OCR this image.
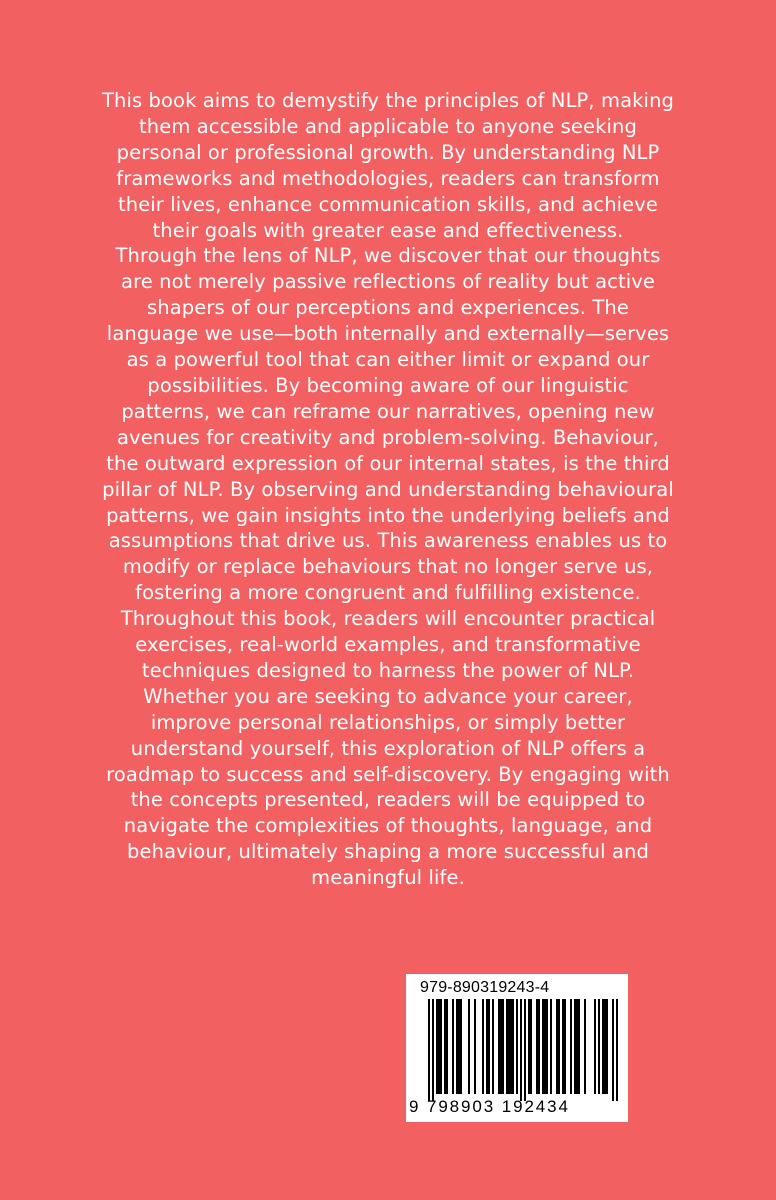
This book aims to demystify the principles of NLP, making them accessible and applicable to anyone seeking personal or professional growth. By understanding NLP frameworks and methodologies, readers can transform their lives, enhance communication skills, and achieve their goals with greater ease and effectiveness.

Through the lens of NLP, we discover that our thoughts are not merely passive reflections of reality but active shapers of our perceptions and experiences. The language we use—both internally and externally—serves as a powerful tool that can either limit or expand our possibilities. By becoming aware of our linguistic patterns, we can reframe our narratives, opening new avenues for creativity and problem-solving. Behaviour, the outward expression of our internal states, is the third pillar of NLP. By observing and understanding behavioural patterns, we gain insights into the underlying beliefs and assumptions that drive us. This awareness enables us to modify or replace behaviours that no longer serve us, fostering a more congruent and fulfilling existence. Throughout this book, readers will encounter practical exercises, real-world examples, and transformative techniques designed to harness the power of NLP. Whether you are seeking to advance your career, improve personal relationships, or simply better understand yourself, this exploration of NLP offers a roadmap to success and self-discovery. By engaging with the concepts presented, readers will be equipped to navigate the complexities of thoughts, language, and behaviour, ultimately shaping a more successful and meaningful life.

979-890319243-4
9 798903 192434
